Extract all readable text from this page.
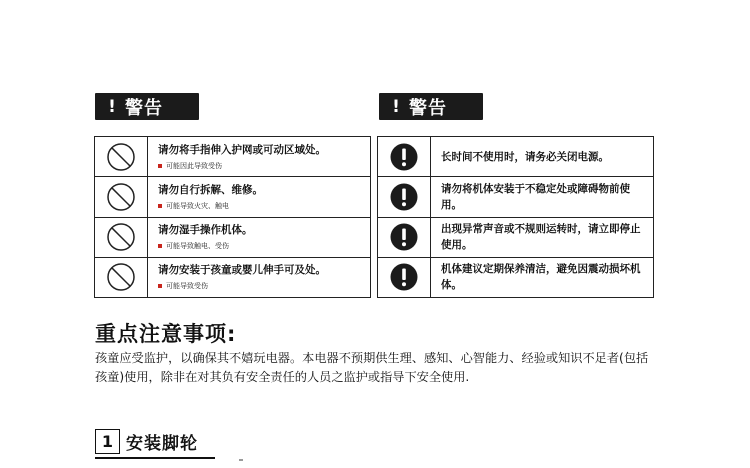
! 警告	! 警告
请勿将手指伸入护网或可动区域处。
可能因此导致受伤
请勿自行拆解、维修。
可能导致火灾、触电
请勿湿手操作机体。
可能导致触电、受伤
请勿安装于孩童或婴儿伸手可及处。
可能导致受伤
长时间不使用时，请务必关闭电源。
请勿将机体安装于不稳定处或障碍物前使用。
出现异常声音或不规则运转时，请立即停止使用。
机体建议定期保养清洁，避免因震动损坏机体。
重点注意事项:

孩童应受监护，以确保其不嬉玩电器。本电器不预期供生理、感知、心智能力、经验或知识不足者(包括孩童)使用，除非在对其负有安全责任的人员之监护或指导下安全使用.

1 安装脚轮
